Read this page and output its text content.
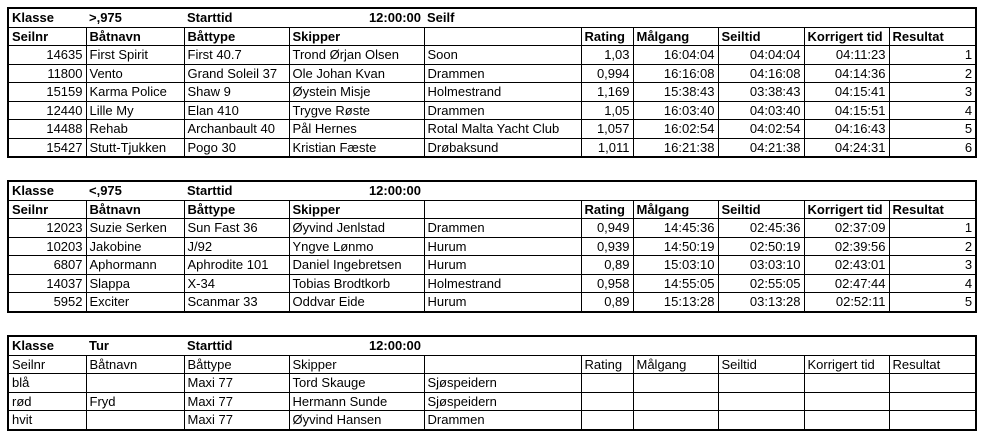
Klasse	>,975	Starttid	12:00:00	Seilf					
Seilnr	Båtnavn	Båttype	Skipper		Rating	Målgang	Seiltid	Korrigert tid	Resultat
14635	First Spirit	First 40.7	Trond Ørjan Olsen	Soon	1,03	16:04:04	04:04:04	04:11:23	1
11800	Vento	Grand Soleil 37	Ole Johan Kvan	Drammen	0,994	16:16:08	04:16:08	04:14:36	2
15159	Karma Police	Shaw 9	Øystein Misje	Holmestrand	1,169	15:38:43	03:38:43	04:15:41	3
12440	Lille My	Elan 410	Trygve Røste	Drammen	1,05	16:03:40	04:03:40	04:15:51	4
14488	Rehab	Archanbault 40	Pål Hernes	Rotal Malta Yacht Club	1,057	16:02:54	04:02:54	04:16:43	5
15427	Stutt-Tjukken	Pogo 30	Kristian Fæste	Drøbaksund	1,011	16:21:38	04:21:38	04:24:31	6
Klasse	<,975	Starttid	12:00:00						
Seilnr	Båtnavn	Båttype	Skipper		Rating	Målgang	Seiltid	Korrigert tid	Resultat
12023	Suzie Serken	Sun Fast 36	Øyvind Jenlstad	Drammen	0,949	14:45:36	02:45:36	02:37:09	1
10203	Jakobine	J/92	Yngve Lønmo	Hurum	0,939	14:50:19	02:50:19	02:39:56	2
6807	Aphormann	Aphrodite 101	Daniel Ingebretsen	Hurum	0,89	15:03:10	03:03:10	02:43:01	3
14037	Slappa	X-34	Tobias Brodtkorb	Holmestrand	0,958	14:55:05	02:55:05	02:47:44	4
5952	Exciter	Scanmar 33	Oddvar Eide	Hurum	0,89	15:13:28	03:13:28	02:52:11	5
Klasse	Tur	Starttid	12:00:00						
Seilnr	Båtnavn	Båttype	Skipper		Rating	Målgang	Seiltid	Korrigert tid	Resultat
blå		Maxi 77	Tord Skauge	Sjøspeidern					
rød	Fryd	Maxi 77	Hermann Sunde	Sjøspeidern					
hvit		Maxi 77	Øyvind Hansen	Drammen					
